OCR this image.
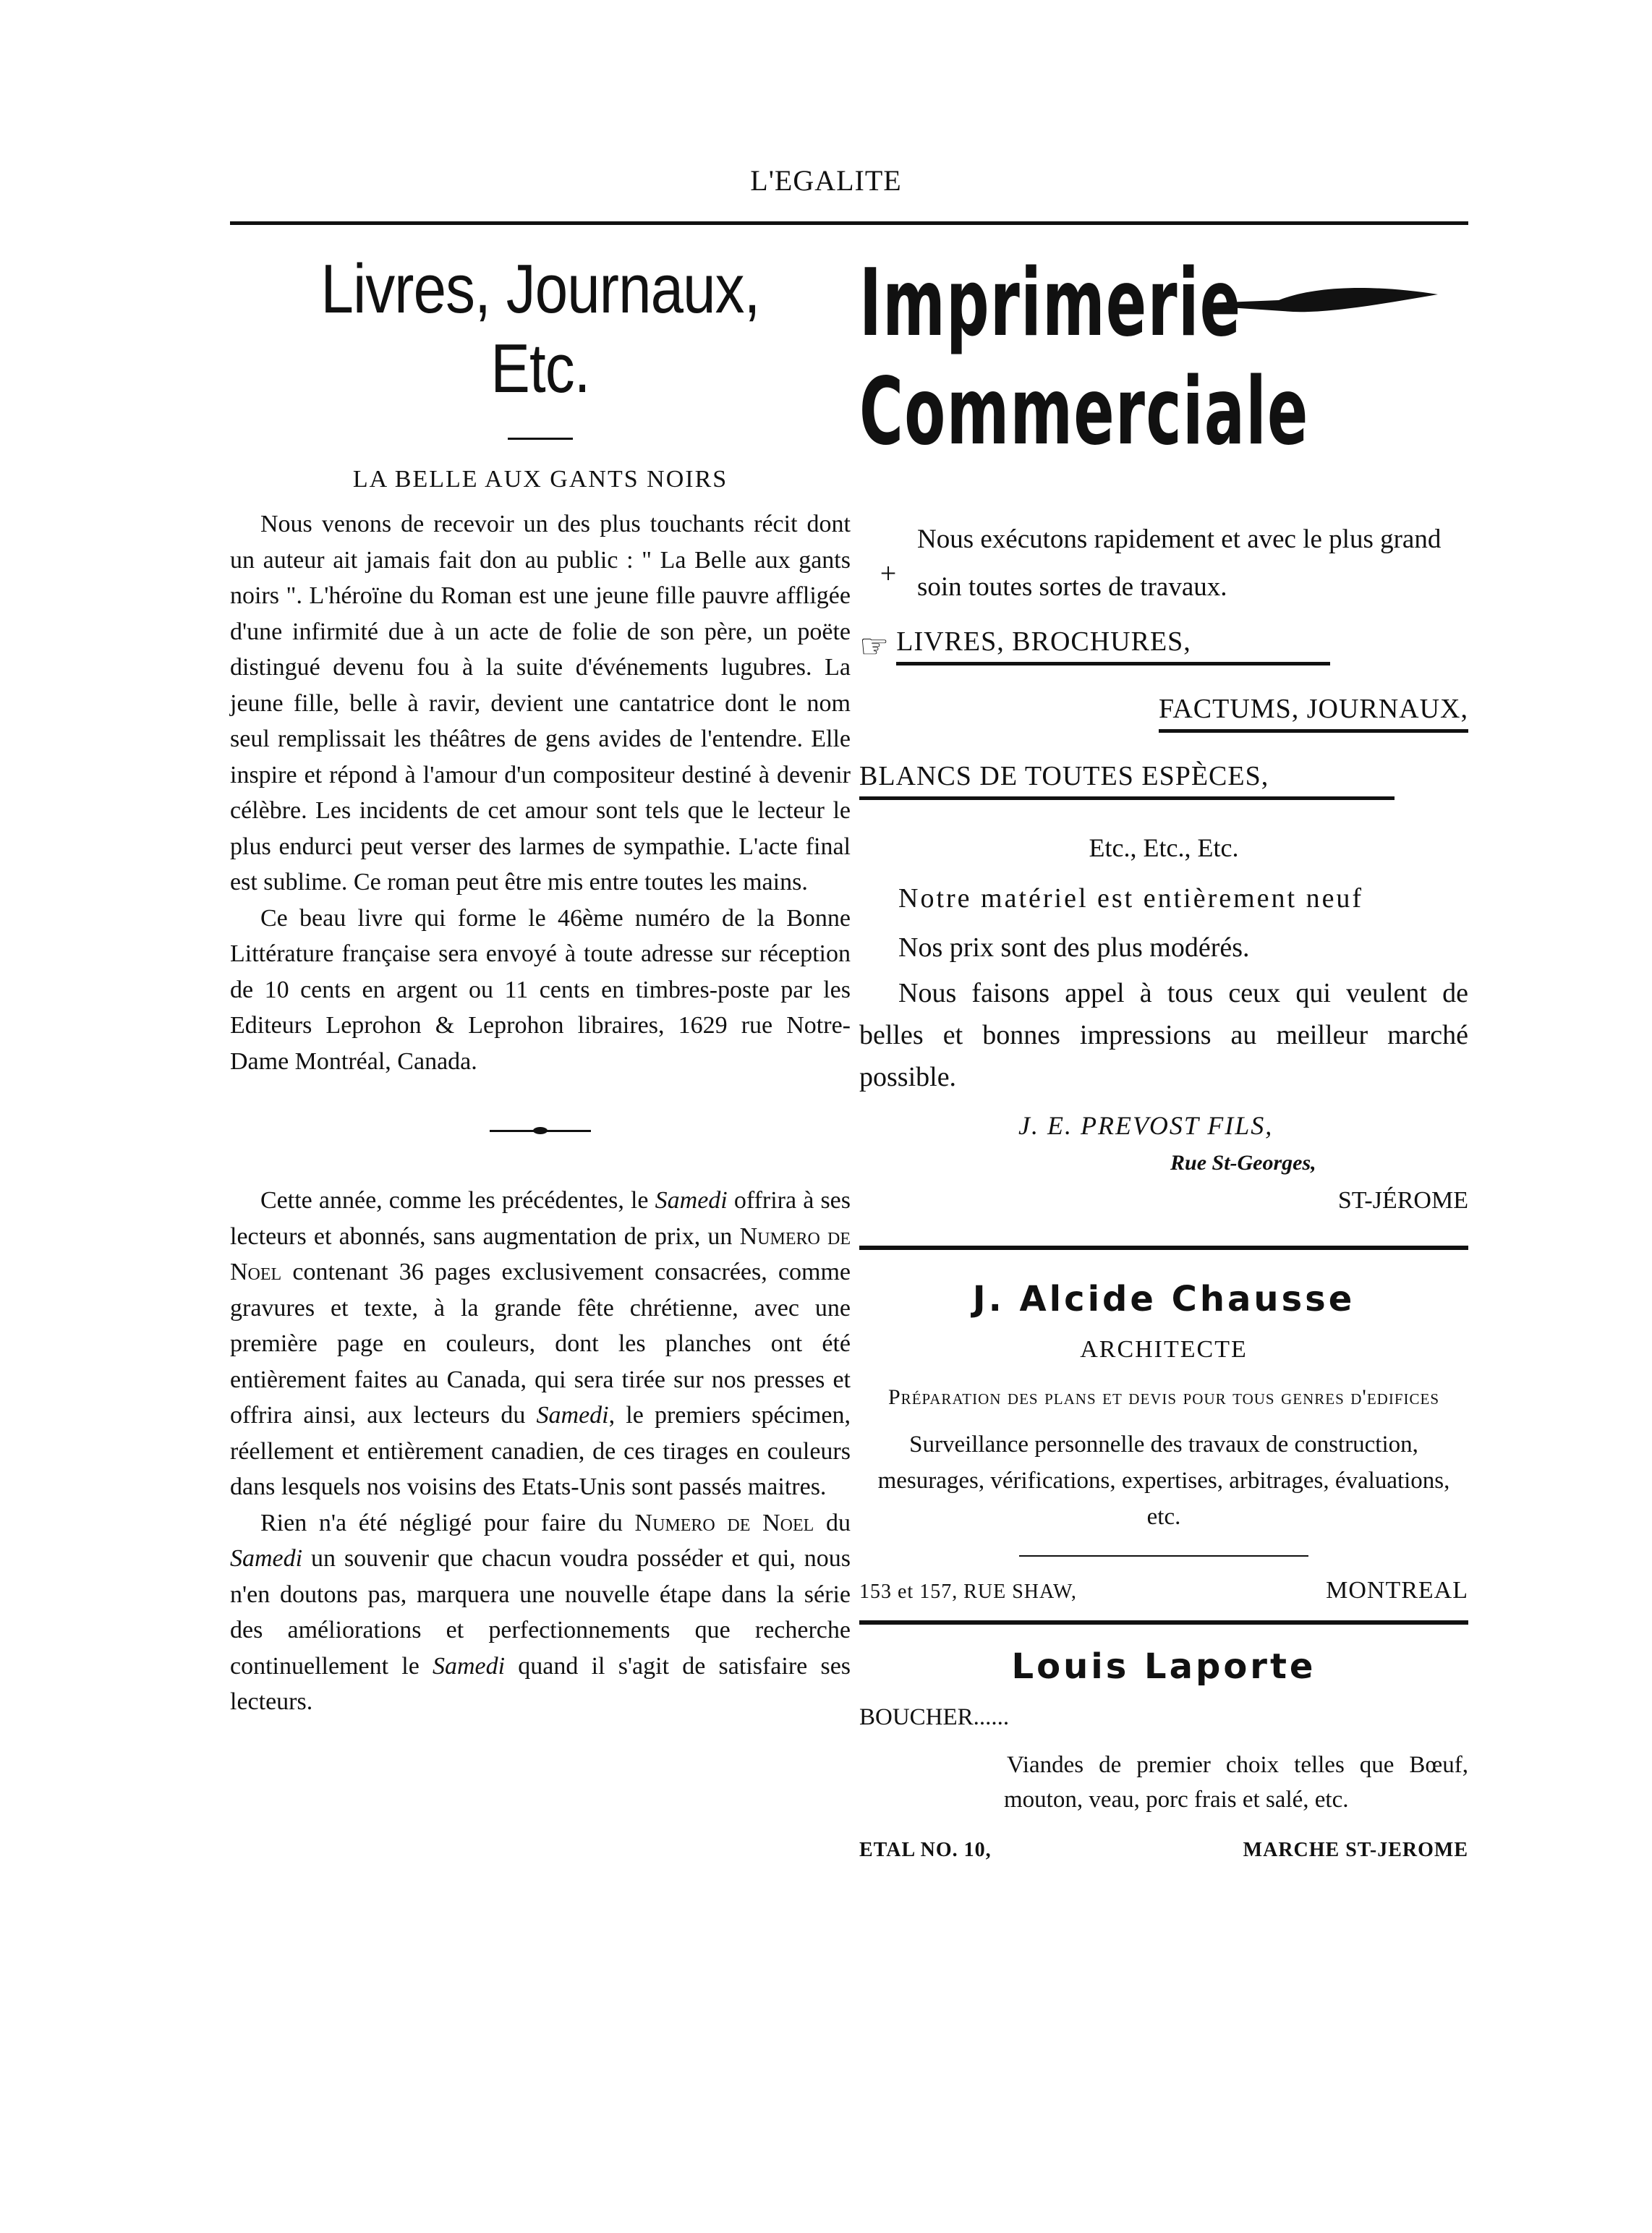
L'EGALITE
Livres, Journaux, Etc.

LA BELLE AUX GANTS NOIRS

Nous venons de recevoir un des plus touchants récit dont un auteur ait jamais fait don au public : " La Belle aux gants noirs ". L'héroïne du Roman est une jeune fille pauvre affligée d'une infirmité due à un acte de folie de son père, un poëte distingué devenu fou à la suite d'événements lugubres. La jeune fille, belle à ravir, devient une cantatrice dont le nom seul remplissait les théâtres de gens avides de l'entendre. Elle inspire et répond à l'amour d'un compositeur destiné à devenir célèbre. Les incidents de cet amour sont tels que le lecteur le plus endurci peut verser des larmes de sympathie. L'acte final est sublime. Ce roman peut être mis entre toutes les mains.

Ce beau livre qui forme le 46ème numéro de la Bonne Littérature française sera envoyé à toute adresse sur réception de 10 cents en argent ou 11 cents en timbres-poste par les Editeurs Leprohon & Leprohon libraires, 1629 rue Notre-Dame Montréal, Canada.

Cette année, comme les précédentes, le Samedi offrira à ses lecteurs et abonnés, sans augmentation de prix, un Numero de Noel contenant 36 pages exclusivement consacrées, comme gravures et texte, à la grande fête chrétienne, avec une première page en couleurs, dont les planches ont été entièrement faites au Canada, qui sera tirée sur nos presses et offrira ainsi, aux lecteurs du Samedi, le premiers spécimen, réellement et entièrement canadien, de ces tirages en couleurs dans lesquels nos voisins des Etats-Unis sont passés maitres.

Rien n'a été négligé pour faire du Numero de Noel du Samedi un souvenir que chacun voudra posséder et qui, nous n'en doutons pas, marquera une nouvelle étape dans la série des améliorations et perfectionnements que recherche continuellement le Samedi quand il s'agit de satisfaire ses lecteurs.

Imprimerie

Commerciale

+

Nous exécutons rapidement et avec le plus grand soin toutes sortes de travaux.

☞ LIVRES, BROCHURES,
FACTUMS, JOURNAUX,
BLANCS DE TOUTES ESPÈCES,

Etc., Etc., Etc.

Notre matériel est entièrement neuf

Nos prix sont des plus modérés.

Nous faisons appel à tous ceux qui veulent de belles et bonnes impressions au meilleur marché possible.

J. E. PREVOST FILS,

Rue St-Georges,

ST-JÉROME

J. Alcide Chausse

ARCHITECTE

Préparation des plans et devis pour tous genres d'edifices

Surveillance personnelle des travaux de construction, mesurages, vérifications, expertises, arbitrages, évaluations, etc.

153 et 157, RUE SHAW,	MONTREAL

Louis Laporte

BOUCHER......

Viandes de premier choix telles que Bœuf, mouton, veau, porc frais et salé, etc.

ETAL NO. 10,	MARCHE ST-JEROME
